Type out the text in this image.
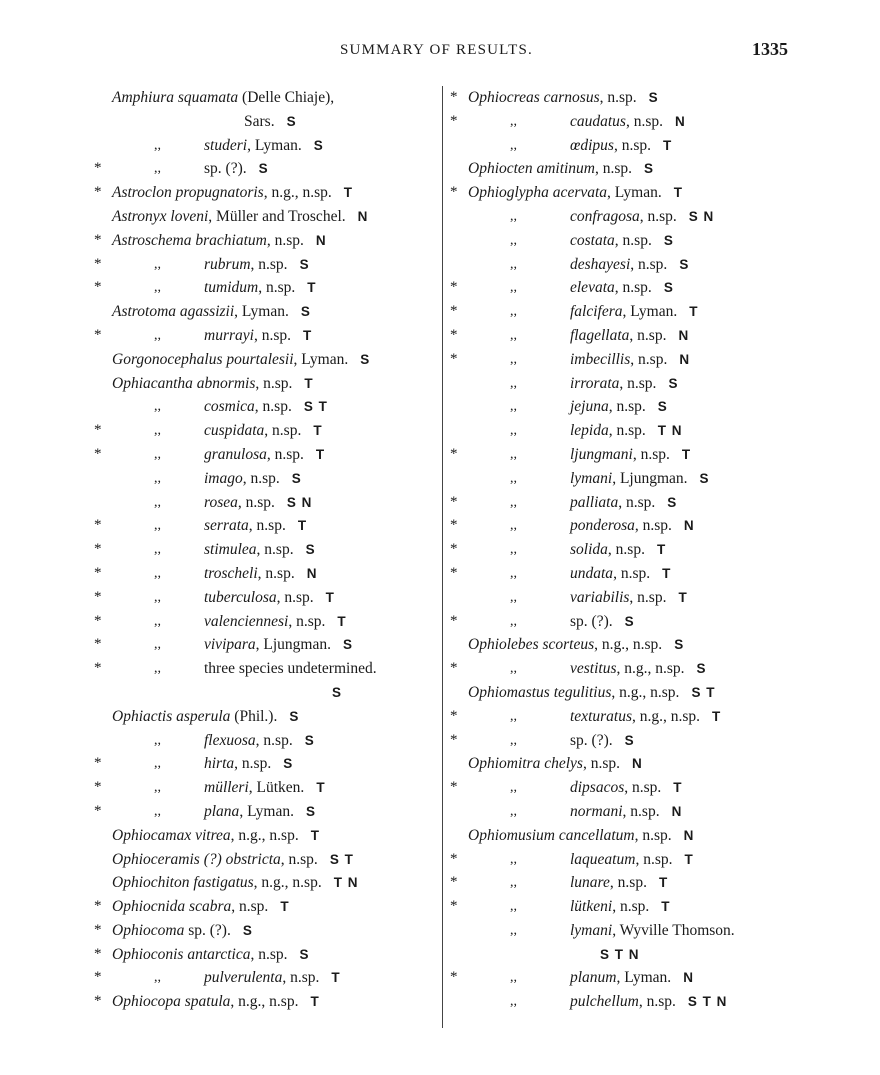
SUMMARY OF RESULTS.	1335
Amphiura squamata (Delle Chiaje),
Sars. S
,,	studeri, Lyman. S
*	,,	sp. (?). S
* Astroclon propugnatoris, n.g., n.sp. T
Astronyx loveni, Müller and Troschel. N
* Astroschema brachiatum, n.sp. N
*	,,	rubrum, n.sp. S
*	,,	tumidum, n.sp. T
Astrotoma agassizii, Lyman. S
*	,,	murrayi, n.sp. T
Gorgonocephalus pourtalesii, Lyman. S
Ophiacantha abnormis, n.sp. T
,,	cosmica, n.sp. S T
*	,,	cuspidata, n.sp. T
*	,,	granulosa, n.sp. T
,,	imago, n.sp. S
,,	rosea, n.sp. S N
*	,,	serrata, n.sp. T
*	,,	stimulea, n.sp. S
*	,,	troscheli, n.sp. N
*	,,	tuberculosa, n.sp. T
*	,,	valenciennesi, n.sp. T
*	,,	vivipara, Ljungman. S
*	,,	three species undetermined.
S
Ophiactis asperula (Phil.). S
,,	flexuosa, n.sp. S
*	,,	hirta, n.sp. S
*	,,	mülleri, Lütken. T
*	,,	plana, Lyman. S
Ophiocamax vitrea, n.g., n.sp. T
Ophioceramis (?) obstricta, n.sp. S T
Ophiochiton fastigatus, n.g., n.sp. T N
* Ophiocnida scabra, n.sp. T
* Ophiocoma sp. (?). S
* Ophioconis antarctica, n.sp. S
*	,,	pulverulenta, n.sp. T
* Ophiocopa spatula, n.g., n.sp. T
* Ophiocreas carnosus, n.sp. S
*	,,	caudatus, n.sp. N
,,	œdipus, n.sp. T
Ophiocten amitinum, n.sp. S
* Ophioglypha acervata, Lyman. T
,,	confragosa, n.sp. S N
,,	costata, n.sp. S
,,	deshayesi, n.sp. S
*	,,	elevata, n.sp. S
*	,,	falcifera, Lyman. T
*	,,	flagellata, n.sp. N
*	,,	imbecillis, n.sp. N
,,	irrorata, n.sp. S
,,	jejuna, n.sp. S
,,	lepida, n.sp. T N
*	,,	ljungmani, n.sp. T
,,	lymani, Ljungman. S
*	,,	palliata, n.sp. S
*	,,	ponderosa, n.sp. N
*	,,	solida, n.sp. T
*	,,	undata, n.sp. T
,,	variabilis, n.sp. T
*	,,	sp. (?). S
Ophiolebes scorteus, n.g., n.sp. S
*	,,	vestitus, n.g., n.sp. S
Ophiomastus tegulitius, n.g., n.sp. S T
*	,,	texturatus, n.g., n.sp. T
*	,,	sp. (?). S
Ophiomitra chelys, n.sp. N
*	,,	dipsacos, n.sp. T
,,	normani, n.sp. N
Ophiomusium cancellatum, n.sp. N
*	,,	laqueatum, n.sp. T
*	,,	lunare, n.sp. T
*	,,	lütkeni, n.sp. T
,,	lymani, Wyville Thomson.
S T N
*	,,	planum, Lyman. N
,,	pulchellum, n.sp. S T N
